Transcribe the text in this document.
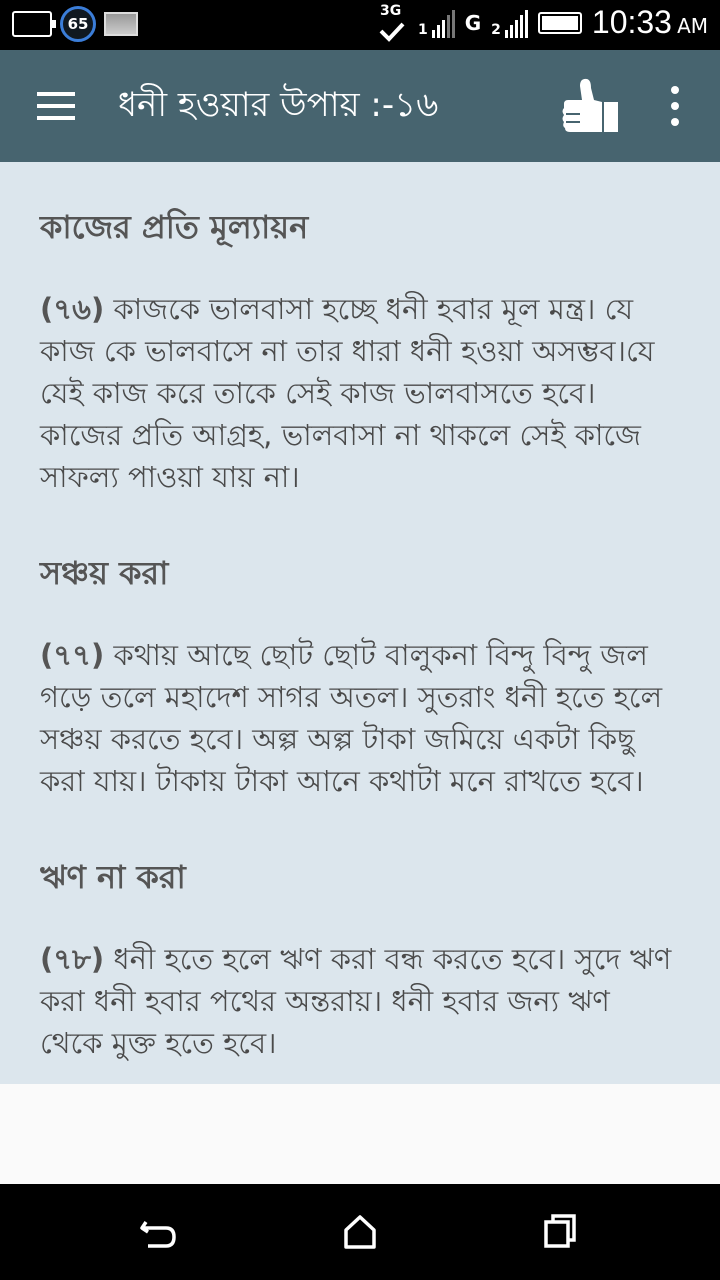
65
3G
1 G 2	10:33 AM
ধনী হওয়ার উপায় :-১৬
কাজের প্রতি মূল্যায়ন
(৭৬) কাজকে ভালবাসা হচ্ছে ধনী হবার মূল মন্ত্র। যে কাজ কে ভালবাসে না তার ধারা ধনী হওয়া অসম্ভব।যে যেই কাজ করে তাকে সেই কাজ ভালবাসতে হবে। কাজের প্রতি আগ্রহ, ভালবাসা না থাকলে সেই কাজে সাফল্য পাওয়া যায় না।
সঞ্চয় করা
(৭৭) কথায় আছে ছোট ছোট বালুকনা বিন্দু বিন্দু জল গড়ে তলে মহাদেশ সাগর অতল। সুতরাং ধনী হতে হলে সঞ্চয় করতে হবে। অল্প অল্প টাকা জমিয়ে একটা কিছু করা যায়। টাকায় টাকা আনে কথাটা মনে রাখতে হবে।
ঋণ না করা
(৭৮) ধনী হতে হলে ঋণ করা বন্ধ করতে হবে। সুদে ঋণ করা ধনী হবার পথের অন্তরায়। ধনী হবার জন্য ঋণ থেকে মুক্ত হতে হবে।
